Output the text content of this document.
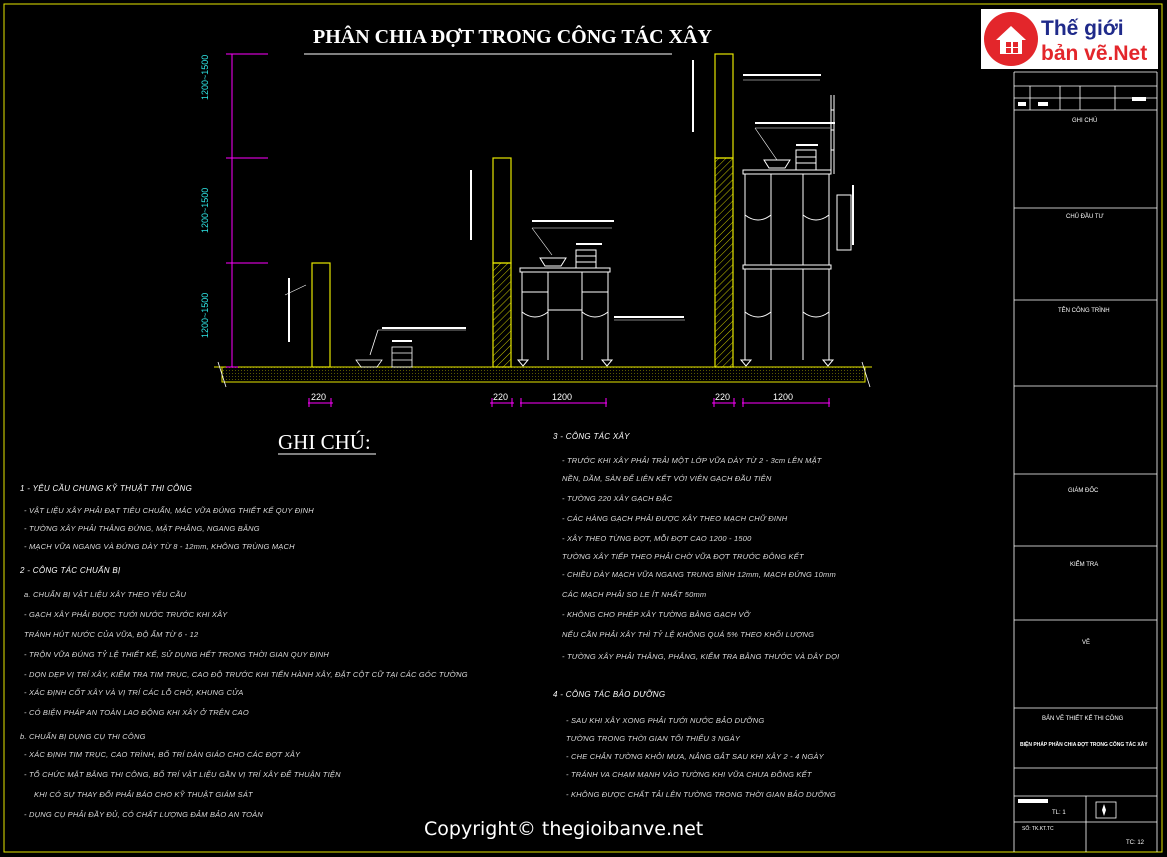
PHÂN CHIA ĐỢT TRONG CÔNG TÁC XÂY
1200~1500
1200~1500
1200~1500
220	220	1200	220	1200
GHI CHÚ:
1 - YÊU CẦU CHUNG KỸ THUẬT THI CÔNG
- VẬT LIỆU XÂY PHẢI ĐẠT TIÊU CHUẨN, MÁC VỮA ĐÚNG THIẾT KẾ QUY ĐỊNH
- TƯỜNG XÂY PHẢI THẲNG ĐỨNG, MẶT PHẲNG, NGANG BẰNG
- MẠCH VỮA NGANG VÀ ĐỨNG DÀY TỪ 8 - 12mm, KHÔNG TRÙNG MẠCH
2 - CÔNG TÁC CHUẨN BỊ
a. CHUẨN BỊ VẬT LIỆU XÂY THEO YÊU CẦU
- GẠCH XÂY PHẢI ĐƯỢC TƯỚI NƯỚC TRƯỚC KHI XÂY
TRÁNH HÚT NƯỚC CỦA VỮA, ĐỘ ẨM TỪ 6 - 12
- TRỘN VỮA ĐÚNG TỶ LỆ THIẾT KẾ, SỬ DỤNG HẾT TRONG THỜI GIAN QUY ĐỊNH
- DỌN DẸP VỊ TRÍ XÂY, KIỂM TRA TIM TRỤC, CAO ĐỘ TRƯỚC KHI TIẾN HÀNH XÂY, ĐẶT CỘT CỮ TẠI CÁC GÓC TƯỜNG
- XÁC ĐỊNH CỐT XÂY VÀ VỊ TRÍ CÁC LỖ CHỜ, KHUNG CỬA
- CÓ BIỆN PHÁP AN TOÀN LAO ĐỘNG KHI XÂY Ở TRÊN CAO
b. CHUẨN BỊ DỤNG CỤ THI CÔNG
- XÁC ĐỊNH TIM TRỤC, CAO TRÌNH, BỐ TRÍ DÀN GIÁO CHO CÁC ĐỢT XÂY
- TỔ CHỨC MẶT BẰNG THI CÔNG, BỐ TRÍ VẬT LIỆU GẦN VỊ TRÍ XÂY ĐỂ THUẬN TIỆN
KHI CÓ SỰ THAY ĐỔI PHẢI BÁO CHO KỸ THUẬT GIÁM SÁT
- DỤNG CỤ PHẢI ĐẦY ĐỦ, CÓ CHẤT LƯỢNG ĐẢM BẢO AN TOÀN
3 - CÔNG TÁC XÂY
- TRƯỚC KHI XÂY PHẢI TRẢI MỘT LỚP VỮA DÀY TỪ 2 - 3cm LÊN MẶT
NỀN, DẦM, SÀN ĐỂ LIÊN KẾT VỚI VIÊN GẠCH ĐẦU TIÊN
- TƯỜNG 220 XÂY GẠCH ĐẶC
- CÁC HÀNG GẠCH PHẢI ĐƯỢC XÂY THEO MẠCH CHỮ ĐINH
- XÂY THEO TỪNG ĐỢT, MỖI ĐỢT CAO 1200 - 1500
TƯỜNG XÂY TIẾP THEO PHẢI CHỜ VỮA ĐỢT TRƯỚC ĐÔNG KẾT
- CHIỀU DÀY MẠCH VỮA NGANG TRUNG BÌNH 12mm, MẠCH ĐỨNG 10mm
CÁC MẠCH PHẢI SO LE ÍT NHẤT 50mm
- KHÔNG CHO PHÉP XÂY TƯỜNG BẰNG GẠCH VỠ
NẾU CẦN PHẢI XÂY THÌ TỶ LỆ KHÔNG QUÁ 5% THEO KHỐI LƯỢNG
- TƯỜNG XÂY PHẢI THẲNG, PHẲNG, KIỂM TRA BẰNG THƯỚC VÀ DÂY DỌI
4 - CÔNG TÁC BẢO DƯỠNG
- SAU KHI XÂY XONG PHẢI TƯỚI NƯỚC BẢO DƯỠNG
TƯỜNG TRONG THỜI GIAN TỐI THIỂU 3 NGÀY
- CHE CHẮN TƯỜNG KHỎI MƯA, NẮNG GẮT SAU KHI XÂY 2 - 4 NGÀY
- TRÁNH VA CHẠM MẠNH VÀO TƯỜNG KHI VỮA CHƯA ĐÔNG KẾT
- KHÔNG ĐƯỢC CHẤT TẢI LÊN TƯỜNG TRONG THỜI GIAN BẢO DƯỠNG
GHI CHÚ
CHỦ ĐẦU TƯ
TÊN CÔNG TRÌNH
GIÁM ĐỐC
KIỂM TRA
VẼ
BẢN VẼ THIẾT KẾ THI CÔNG
BIỆN PHÁP PHÂN CHIA ĐỢT TRONG CÔNG TÁC XÂY
TL: 1
SỐ: TK.KT.TC
TC: 12
Thế giới
bản vẽ.Net
Copyright© thegioibanve.net
